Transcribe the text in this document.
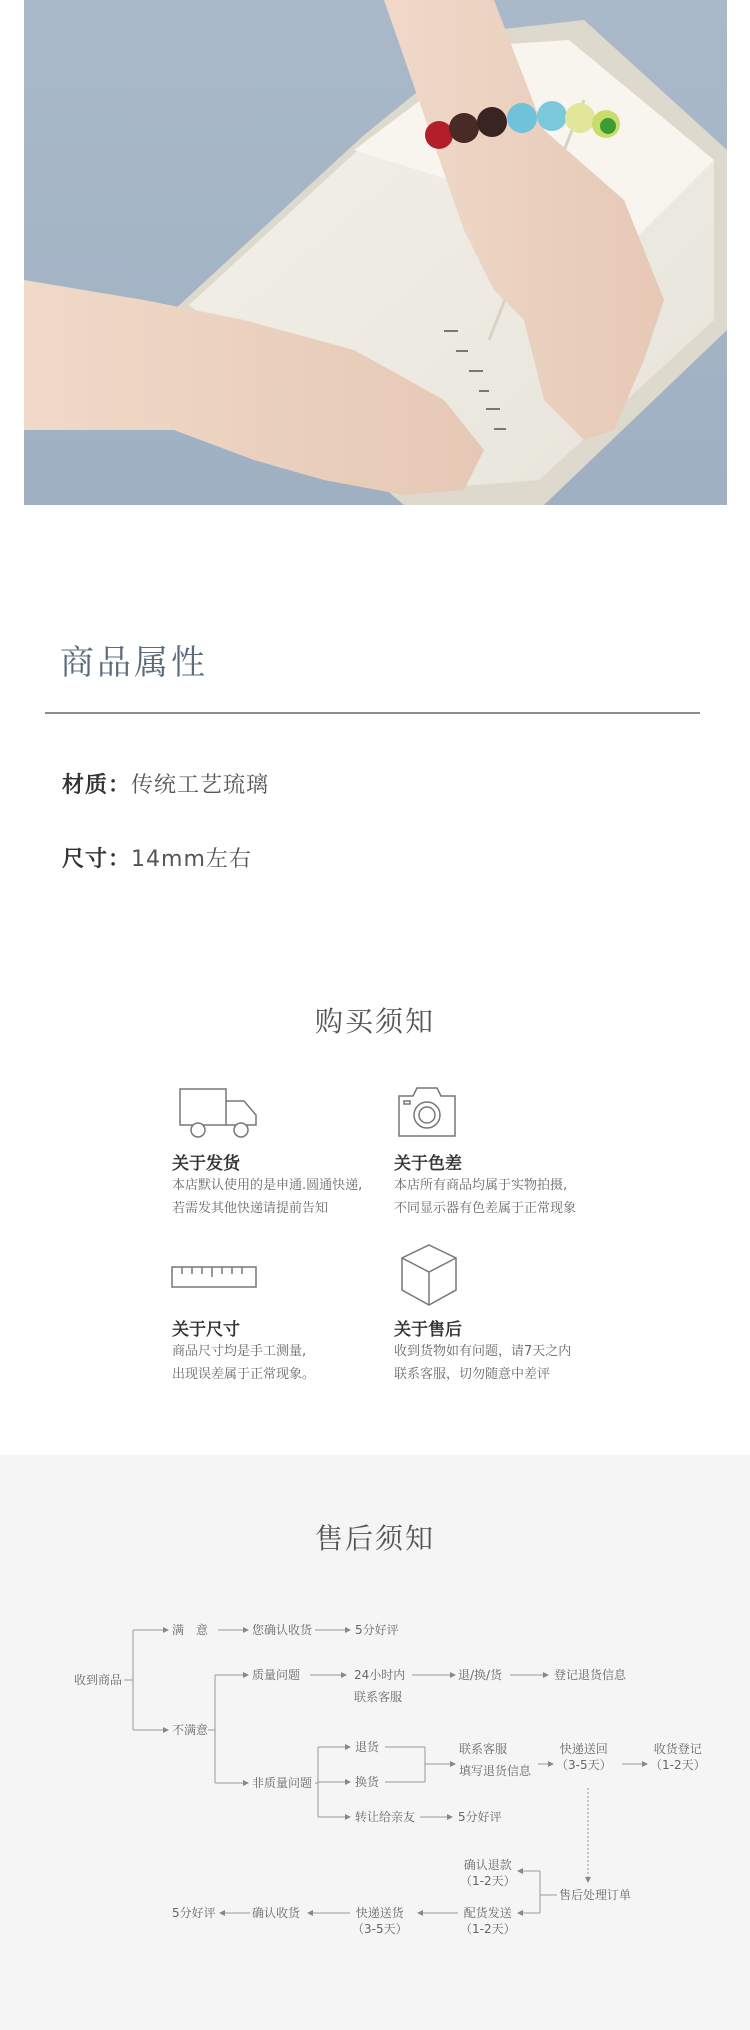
商品属性
材质：传统工艺琉璃
尺寸：14mm左右
购买须知
关于发货
本店默认使用的是申通.圆通快递,
若需发其他快递请提前告知
关于色差
本店所有商品均属于实物拍摄,
不同显示器有色差属于正常现象
关于尺寸
商品尺寸均是手工测量,
出现误差属于正常现象。
关于售后
收到货物如有问题，请7天之内
联系客服，切勿随意中差评
售后须知
收到商品
满　意	您确认收货	5分好评
不满意
质量问题	24小时内
联系客服
退/换/货	登记退货信息
非质量问题
退货
换货
转让给亲友	5分好评
联系客服
填写退货信息
快递送回
（3-5天）
收货登记
（1-2天）
确认退款
（1-2天）
售后处理订单
配货发送
（1-2天）
快递送货
（3-5天）
确认收货
5分好评
